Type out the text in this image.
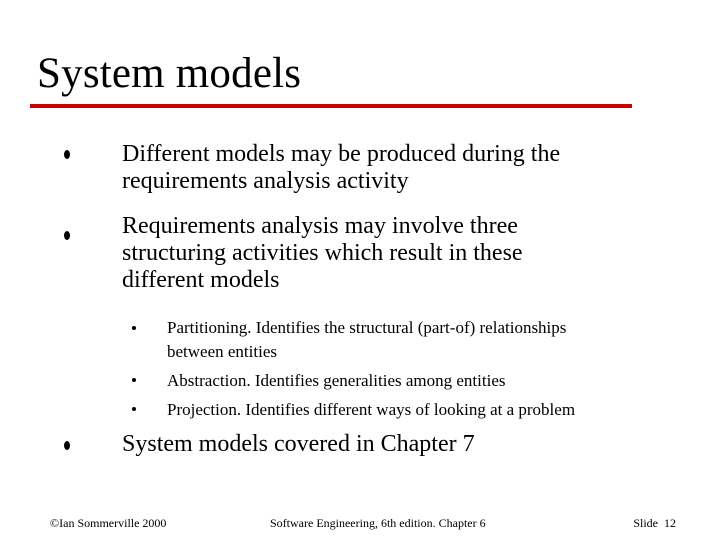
System models
Different models may be produced during the
requirements analysis activity
Requirements analysis may involve three
structuring activities which result in these
different models
Partitioning. Identifies the structural (part-of) relationships
between entities
Abstraction. Identifies generalities among entities
Projection. Identifies different ways of looking at a problem
System models covered in Chapter 7
©Ian Sommerville 2000	Software Engineering, 6th edition. Chapter 6	Slide  12
